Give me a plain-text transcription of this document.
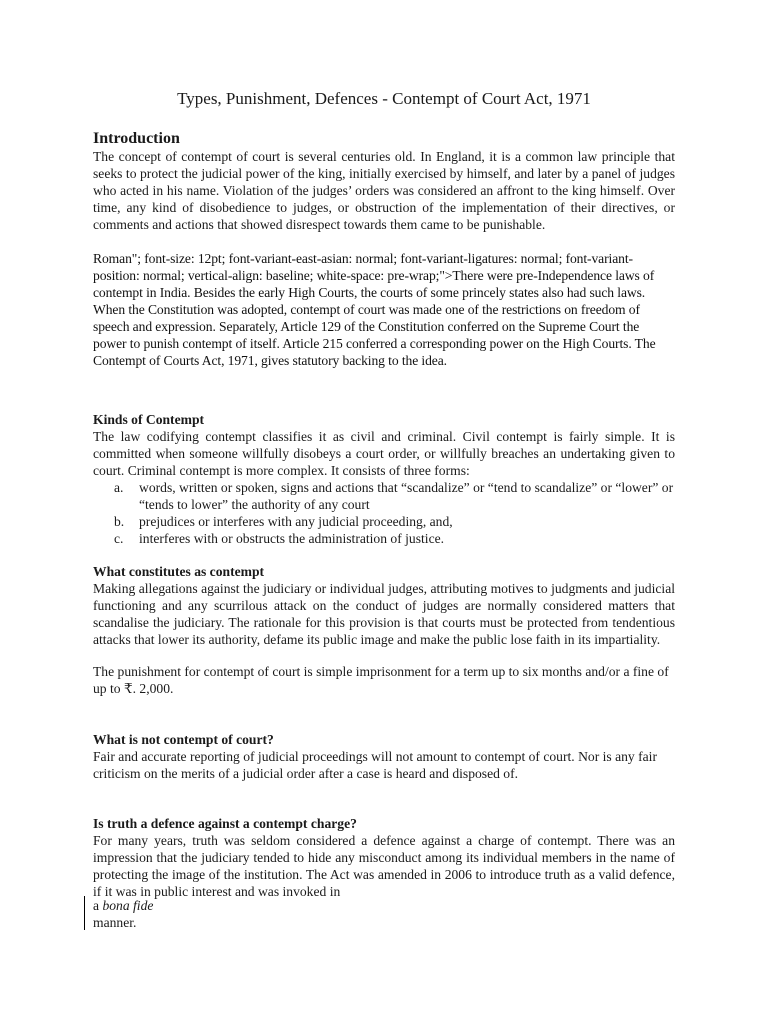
Types, Punishment, Defences - Contempt of Court Act, 1971
Introduction

The concept of contempt of court is several centuries old. In England, it is a common law principle that seeks to protect the judicial power of the king, initially exercised by himself, and later by a panel of judges who acted in his name. Violation of the judges’ orders was considered an affront to the king himself. Over time, any kind of disobedience to judges, or obstruction of the implementation of their directives, or comments and actions that showed disrespect towards them came to be punishable.

Roman"; font-size: 12pt; font-variant-east-asian: normal; font-variant-ligatures: normal; font-variant-position: normal; vertical-align: baseline; white-space: pre-wrap;">There were pre-Independence laws of contempt in India. Besides the early High Courts, the courts of some princely states also had such laws. When the Constitution was adopted, contempt of court was made one of the restrictions on freedom of speech and expression. Separately, Article 129 of the Constitution conferred on the Supreme Court the power to punish contempt of itself. Article 215 conferred a corresponding power on the High Courts. The Contempt of Courts Act, 1971, gives statutory backing to the idea.

Kinds of Contempt

The law codifying contempt classifies it as civil and criminal. Civil contempt is fairly simple. It is committed when someone willfully disobeys a court order, or willfully breaches an undertaking given to court. Criminal contempt is more complex. It consists of three forms:

a. words, written or spoken, signs and actions that “scandalize” or “tend to scandalize” or “lower” or “tends to lower” the authority of any court
b. prejudices or interferes with any judicial proceeding, and,
c. interferes with or obstructs the administration of justice.
What constitutes as contempt

Making allegations against the judiciary or individual judges, attributing motives to judgments and judicial functioning and any scurrilous attack on the conduct of judges are normally considered matters that scandalise the judiciary. The rationale for this provision is that courts must be protected from tendentious attacks that lower its authority, defame its public image and make the public lose faith in its impartiality.

The punishment for contempt of court is simple imprisonment for a term up to six months and/or a fine of up to ₹. 2,000.

What is not contempt of court?

Fair and accurate reporting of judicial proceedings will not amount to contempt of court. Nor is any fair criticism on the merits of a judicial order after a case is heard and disposed of.

Is truth a defence against a contempt charge?

For many years, truth was seldom considered a defence against a charge of contempt. There was an impression that the judiciary tended to hide any misconduct among its individual members in the name of protecting the image of the institution. The Act was amended in 2006 to introduce truth as a valid defence, if it was in public interest and was invoked in

a bona fide
manner.
